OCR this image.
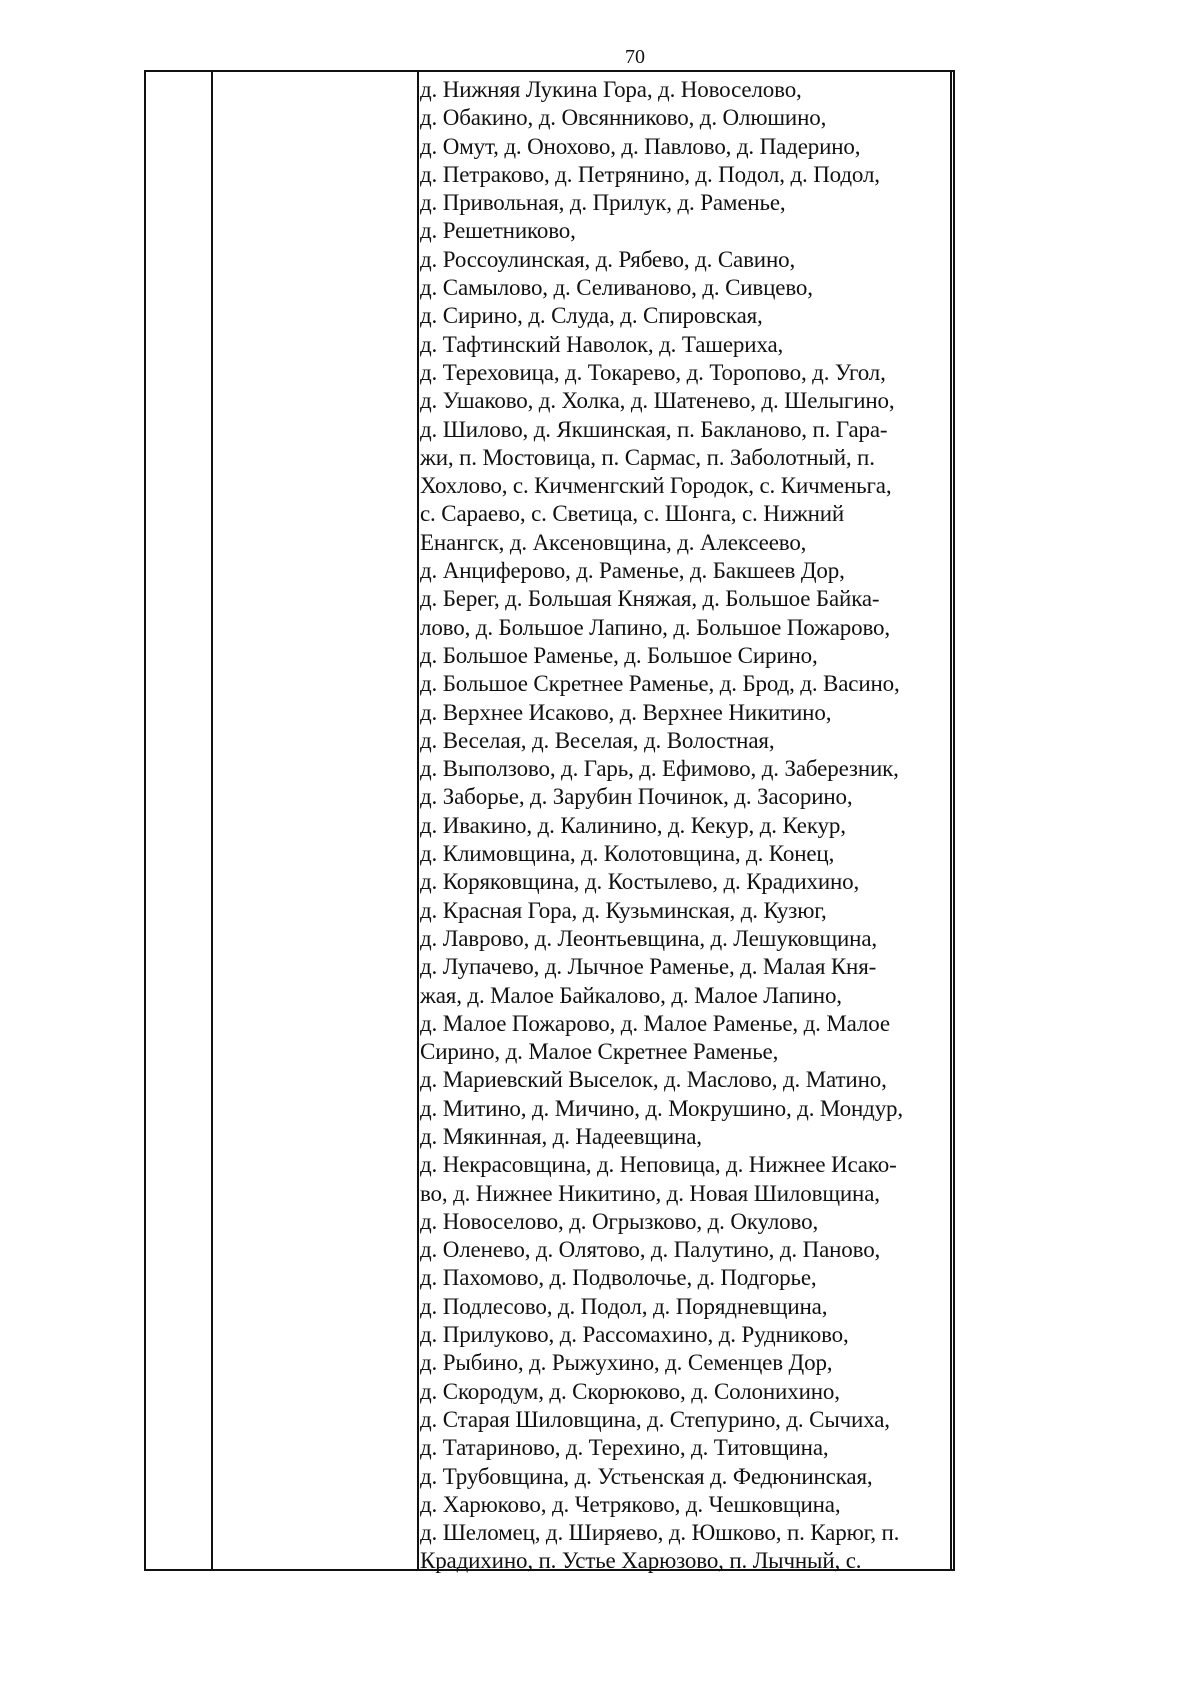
70
д. Нижняя Лукина Гора, д. Новоселово,
д. Обакино, д. Овсянниково, д. Олюшино,
д. Омут, д. Онохово, д. Павлово, д. Падерино,
д. Петраково, д. Петрянино, д. Подол, д. Подол,
д. Привольная, д. Прилук, д. Раменье,
д. Решетниково,
д. Россоулинская, д. Рябево, д. Савино,
д. Самылово, д. Селиваново, д. Сивцево,
д. Сирино, д. Слуда, д. Спировская,
д. Тафтинский Наволок, д. Ташериха,
д. Тереховица, д. Токарево, д. Торопово, д. Угол,
д. Ушаково, д. Холка, д. Шатенево, д. Шелыгино,
д. Шилово, д. Якшинская, п. Бакланово, п. Гара-
жи, п. Мостовица, п. Сармас, п. Заболотный, п.
Хохлово, с. Кичменгский Городок, с. Кичменьга,
с. Сараево, с. Светица, с. Шонга, с. Нижний
Енангск, д. Аксеновщина, д. Алексеево,
д. Анциферово, д. Раменье, д. Бакшеев Дор,
д. Берег, д. Большая Княжая, д. Большое Байка-
лово, д. Большое Лапино, д. Большое Пожарово,
д. Большое Раменье, д. Большое Сирино,
д. Большое Скретнее Раменье, д. Брод, д. Васино,
д. Верхнее Исаково, д. Верхнее Никитино,
д. Веселая, д. Веселая, д. Волостная,
д. Выползово, д. Гарь, д. Ефимово, д. Заберезник,
д. Заборье, д. Зарубин Починок, д. Засорино,
д. Ивакино, д. Калинино, д. Кекур, д. Кекур,
д. Климовщина, д. Колотовщина, д. Конец,
д. Коряковщина, д. Костылево, д. Крадихино,
д. Красная Гора, д. Кузьминская, д. Кузюг,
д. Лаврово, д. Леонтьевщина, д. Лешуковщина,
д. Лупачево, д. Лычное Раменье, д. Малая Кня-
жая, д. Малое Байкалово, д. Малое Лапино,
д. Малое Пожарово, д. Малое Раменье, д. Малое
Сирино, д. Малое Скретнее Раменье,
д. Мариевский Выселок, д. Маслово, д. Матино,
д. Митино, д. Мичино, д. Мокрушино, д. Мондур,
д. Мякинная, д. Надеевщина,
д. Некрасовщина, д. Неповица, д. Нижнее Исако-
во, д. Нижнее Никитино, д. Новая Шиловщина,
д. Новоселово, д. Огрызково, д. Окулово,
д. Оленево, д. Олятово, д. Палутино, д. Паново,
д. Пахомово, д. Подволочье, д. Подгорье,
д. Подлесово, д. Подол, д. Порядневщина,
д. Прилуково, д. Рассомахино, д. Рудниково,
д. Рыбино, д. Рыжухино, д. Семенцев Дор,
д. Скородум, д. Скорюково, д. Солонихино,
д. Старая Шиловщина, д. Степурино, д. Сычиха,
д. Татариново, д. Терехино, д. Титовщина,
д. Трубовщина, д. Устьенская д. Федюнинская,
д. Харюково, д. Четряково, д. Чешковщина,
д. Шеломец, д. Ширяево, д. Юшково, п. Карюг, п.
Крадихино, п. Устье Харюзово, п. Лычный, с.
